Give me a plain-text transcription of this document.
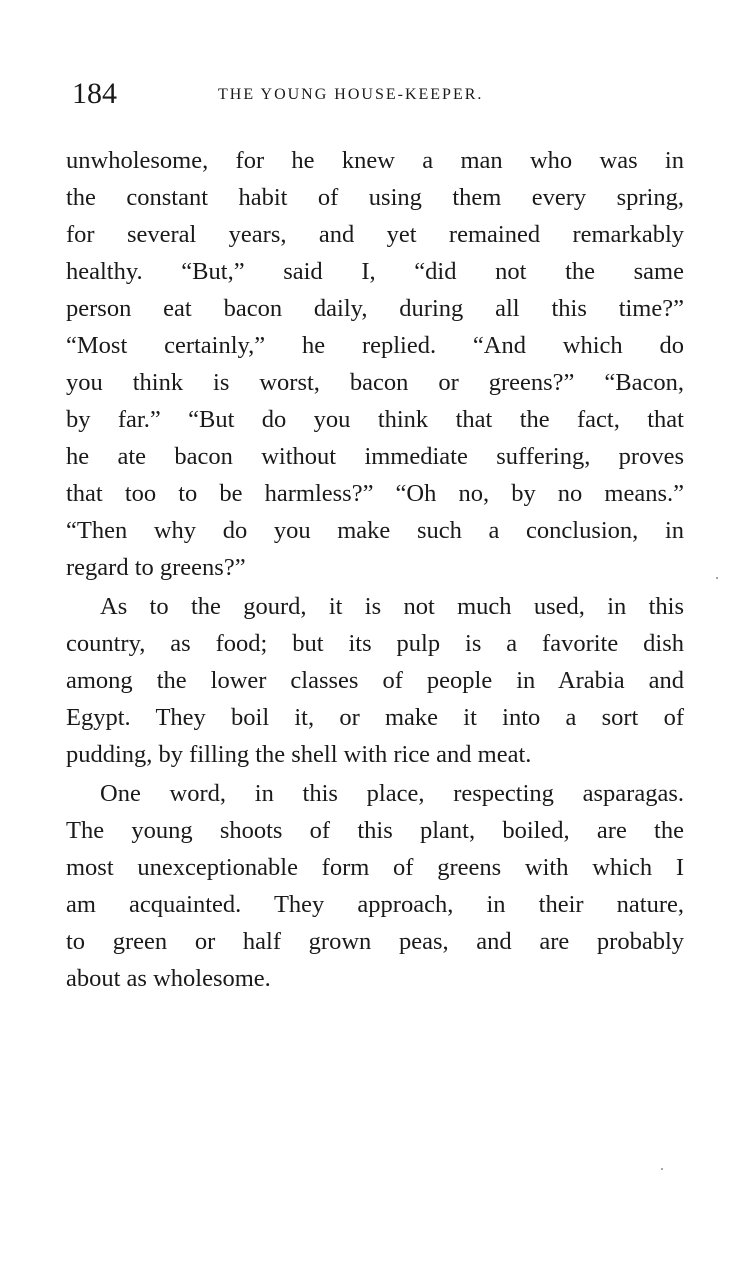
184	THE YOUNG HOUSE-KEEPER.
unwholesome, for he knew a man who was in
the constant habit of using them every spring,
for several years, and yet remained remarkably
healthy. “But,” said I, “did not the same
person eat bacon daily, during all this time?”
“Most certainly,” he replied. “And which do
you think is worst, bacon or greens?” “Bacon,
by far.” “But do you think that the fact, that
he ate bacon without immediate suffering, proves
that too to be harmless?” “Oh no, by no means.”
“Then why do you make such a conclusion, in
regard to greens?”
As to the gourd, it is not much used, in this
country, as food; but its pulp is a favorite dish
among the lower classes of people in Arabia and
Egypt. They boil it, or make it into a sort of
pudding, by filling the shell with rice and meat.
One word, in this place, respecting asparagas.
The young shoots of this plant, boiled, are the
most unexceptionable form of greens with which I
am acquainted. They approach, in their nature,
to green or half grown peas, and are probably
about as wholesome.
